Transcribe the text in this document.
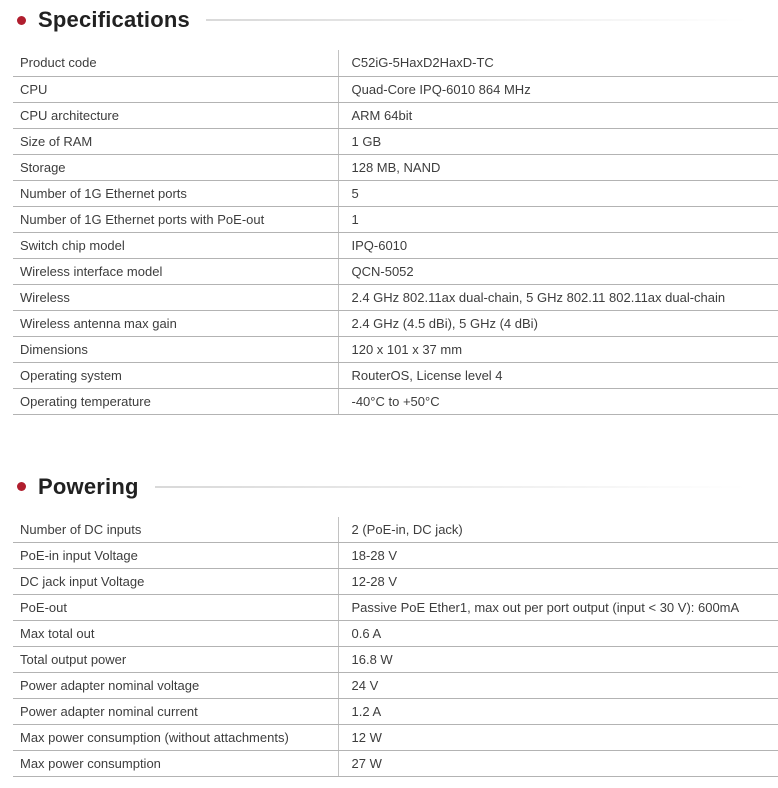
Specifications
Product code	C52iG-5HaxD2HaxD-TC
CPU	Quad-Core IPQ-6010 864 MHz
CPU architecture	ARM 64bit
Size of RAM	1 GB
Storage	128 MB, NAND
Number of 1G Ethernet ports	5
Number of 1G Ethernet ports with PoE-out	1
Switch chip model	IPQ-6010
Wireless interface model	QCN-5052
Wireless	2.4 GHz 802.11ax dual-chain, 5 GHz 802.11 802.11ax dual-chain
Wireless antenna max gain	2.4 GHz (4.5 dBi), 5 GHz (4 dBi)
Dimensions	120 x 101 x 37 mm
Operating system	RouterOS, License level 4
Operating temperature	-40°C to +50°C
Powering
Number of DC inputs	2 (PoE-in, DC jack)
PoE-in input Voltage	18-28 V
DC jack input Voltage	12-28 V
PoE-out	Passive PoE Ether1, max out per port output (input < 30 V): 600mA
Max total out	0.6 A
Total output power	16.8 W
Power adapter nominal voltage	24 V
Power adapter nominal current	1.2 A
Max power consumption (without attachments)	12 W
Max power consumption	27 W
